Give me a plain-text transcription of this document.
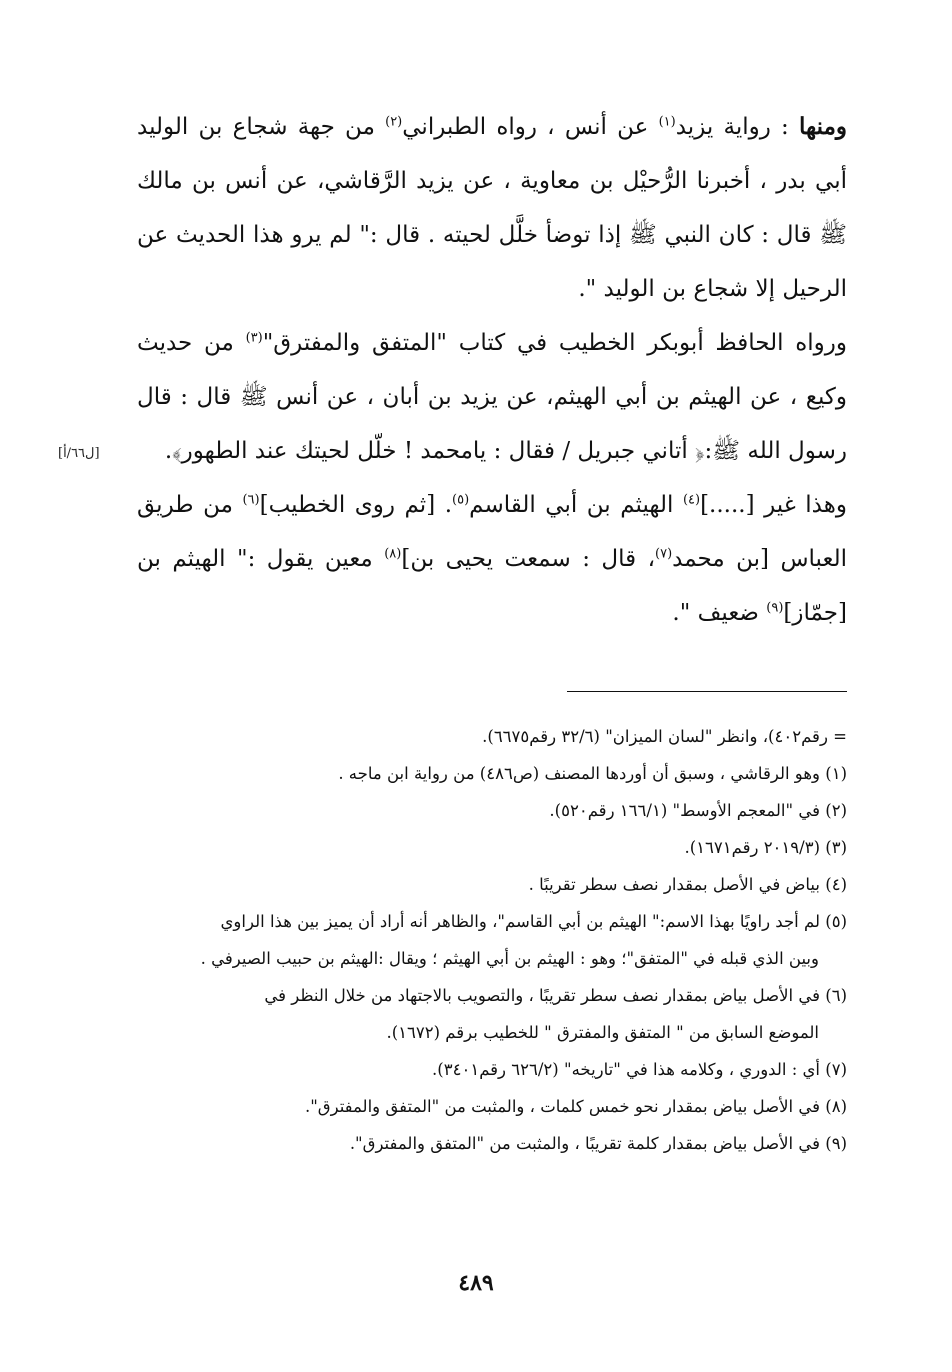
ومنها : رواية يزيد$^{(١)}$ عن أنس ، رواه الطبراني$^{(٢)}$ من جهة شجاع بن الوليد أبي بدر ، أخبرنا الرُّحيْل بن معاوية ، عن يزيد الرَّقاشي، عن أنس بن مالك ﷺ قال : كان النبي ﷺ إذا توضأ خلَّل لحيته . قال :" لم يرو هذا الحديث عن الرحيل إلا شجاع بن الوليد ".

ورواه الحافظ أبوبكر الخطيب في كتاب "المتفق والمفترق"$^{(٣)}$ من حديث وكيع ، عن الهيثم بن أبي الهيثم، عن يزيد بن أبان ، عن أنس ﷺ قال : قال رسول الله ﷺ:﴿ أتاني جبريل / فقال : يامحمد ! خلّل لحيتك عند الطهور﴾.
وهذا غير [.....]$^{(٤)}$ الهيثم بن أبي القاسم$^{(٥)}$. [ثم روى الخطيب]$^{(٦)}$ من طريق العباس [بن محمد$^{(٧)}$، قال : سمعت يحيى بن]$^{(٨)}$ معين يقول :" الهيثم بن [جمّاز]$^{(٩)}$ ضعيف ".

[ل٦٦/أ]

= رقم٤٠٢)، وانظر "لسان الميزان" (٣٢/٦ رقم٦٦٧٥).

(١) وهو الرقاشي ، وسبق أن أوردها المصنف (ص٤٨٦) من رواية ابن ماجه .

(٢) في "المعجم الأوسط" (١٦٦/١ رقم٥٢٠).

(٣) (٢٠١٩/٣ رقم١٦٧١).

(٤) بياض في الأصل بمقدار نصف سطر تقريبًا .

(٥) لم أجد راويًا بهذا الاسم:" الهيثم بن أبي القاسم"، والظاهر أنه أراد أن يميز بين هذا الراوي

وبين الذي قبله في "المتفق"؛ وهو : الهيثم بن أبي الهيثم ؛ ويقال :الهيثم بن حبيب الصيرفي .

(٦) في الأصل بياض بمقدار نصف سطر تقريبًا ، والتصويب بالاجتهاد من خلال النظر في

الموضع السابق من " المتفق والمفترق " للخطيب برقم (١٦٧٢).

(٧) أي : الدوري ، وكلامه هذا في "تاريخه" (٦٢٦/٢ رقم٣٤٠١).

(٨) في الأصل بياض بمقدار نحو خمس كلمات ، والمثبت من "المتفق والمفترق".

(٩) في الأصل بياض بمقدار كلمة تقريبًا ، والمثبت من "المتفق والمفترق".

٤٨٩
